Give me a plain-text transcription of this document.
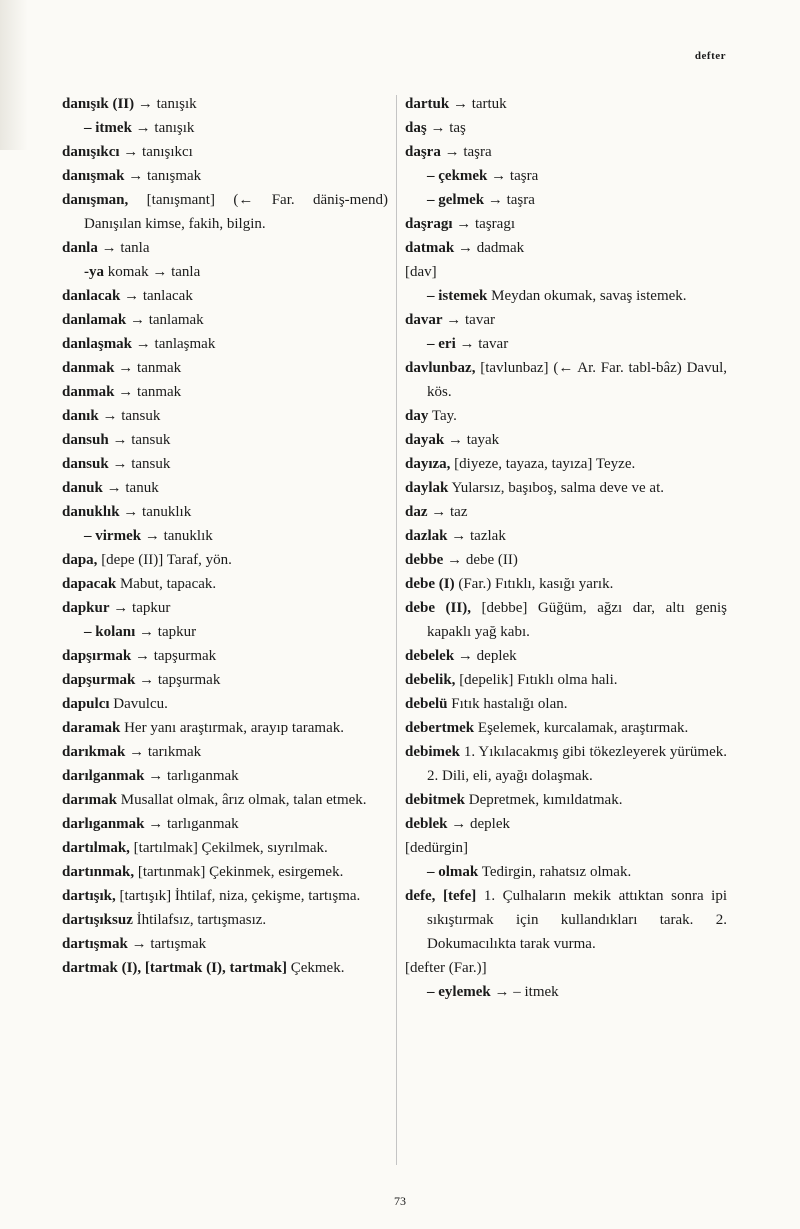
defter
danışık (II) → tanışık
– itmek → tanışık
danışıkcı → tanışıkcı
danışmak → tanışmak
danışman, [tanışmant] (← Far. däniş-mend) Danışılan kimse, fakih, bilgin.
danla → tanla
-ya komak → tanla
danlacak → tanlacak
danlamak → tanlamak
danlaşmak → tanlaşmak
danmak → tanmak
danmak → tanmak
danık → tansuk
dansuh → tansuk
dansuk → tansuk
danuk → tanuk
danuklık → tanuklık
– virmek → tanuklık
dapa, [depe (II)] Taraf, yön.
dapacak Mabut, tapacak.
dapkur → tapkur
– kolanı → tapkur
dapşırmak → tapşurmak
dapşurmak → tapşurmak
dapulcı Davulcu.
daramak Her yanı araştırmak, arayıp taramak.
darıkmak → tarıkmak
darılganmak → tarlıganmak
darımak Musallat olmak, ârız olmak, talan etmek.
darlıganmak → tarlıganmak
dartılmak, [tartılmak] Çekilmek, sıyrılmak.
dartınmak, [tartınmak] Çekinmek, esirgemek.
dartışık, [tartışık] İhtilaf, niza, çekişme, tartışma.
dartışıksuz İhtilafsız, tartışmasız.
dartışmak → tartışmak
dartmak (I), [tartmak (I), tartmak] Çekmek.
dartuk → tartuk
daş → taş
daşra → taşra
– çekmek → taşra
– gelmek → taşra
daşragı → taşragı
datmak → dadmak
[dav]
– istemek Meydan okumak, savaş istemek.
davar → tavar
– eri → tavar
davlunbaz, [tavlunbaz] (← Ar. Far. tabl-bâz) Davul, kös.
day Tay.
dayak → tayak
dayıza, [diyeze, tayaza, tayıza] Teyze.
daylak Yularsız, başıboş, salma deve ve at.
daz → taz
dazlak → tazlak
debbe → debe (II)
debe (I) (Far.) Fıtıklı, kasığı yarık.
debe (II), [debbe] Güğüm, ağzı dar, altı geniş kapaklı yağ kabı.
debelek → deplek
debelik, [depelik] Fıtıklı olma hali.
debelü Fıtık hastalığı olan.
debertmek Eşelemek, kurcalamak, araştırmak.
debimek 1. Yıkılacakmış gibi tökezleyerek yürümek. 2. Dili, eli, ayağı dolaşmak.
debitmek Depretmek, kımıldatmak.
deblek → deplek
[dedürgin]
– olmak Tedirgin, rahatsız olmak.
defe, [tefe] 1. Çulhaların mekik attıktan sonra ipi sıkıştırmak için kullandıkları tarak. 2. Dokumacılıkta tarak vurma.
[defter (Far.)]
– eylemek → – itmek
73
